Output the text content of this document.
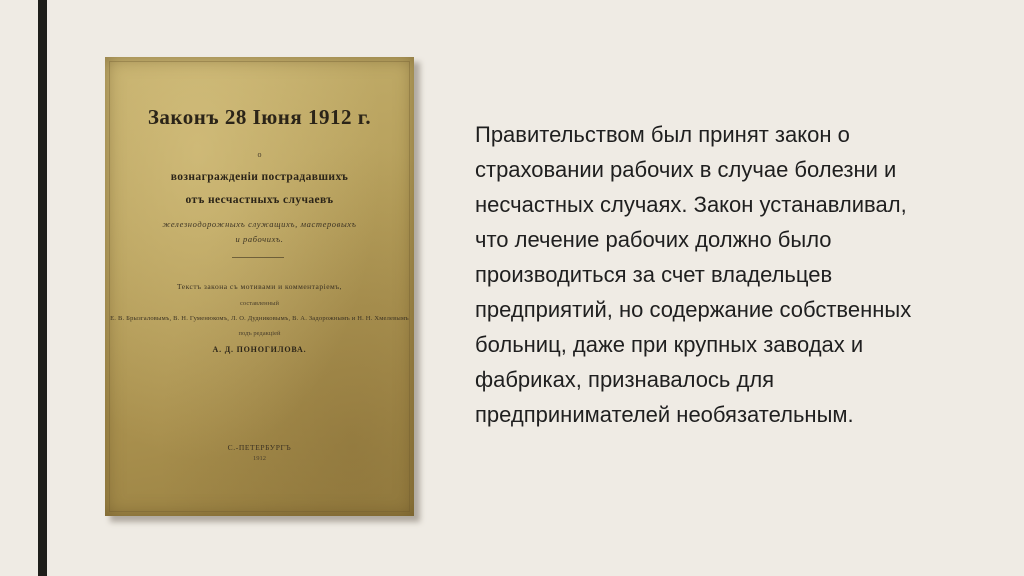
Законъ 28 Іюня 1912 г.
о
вознагражденіи пострадавшихъ
отъ несчастныхъ случаевъ
железнодорожныхъ служащихъ, мастеровыхъ
и рабочихъ.
Текстъ закона съ мотивами и комментаріемъ,
составленный
Е. В. Брызгаловымъ, В. Н. Гуменюкомъ, Л. О. Дудниковымъ, В. А. Задорожнымъ и Н. Н. Хмелевымъ
подъ редакціей
А. Д. ПОНОГИЛОВА.
С.-ПЕТЕРБУРГЪ
1912

Правительством был принят закон о
страховании рабочих в случае болезни и
несчастных случаях. Закон устанавливал,
что лечение рабочих должно было
производиться за счет владельцев
предприятий, но содержание собственных
больниц, даже при крупных заводах и
фабриках, признавалось для
предпринимателей необязательным.
